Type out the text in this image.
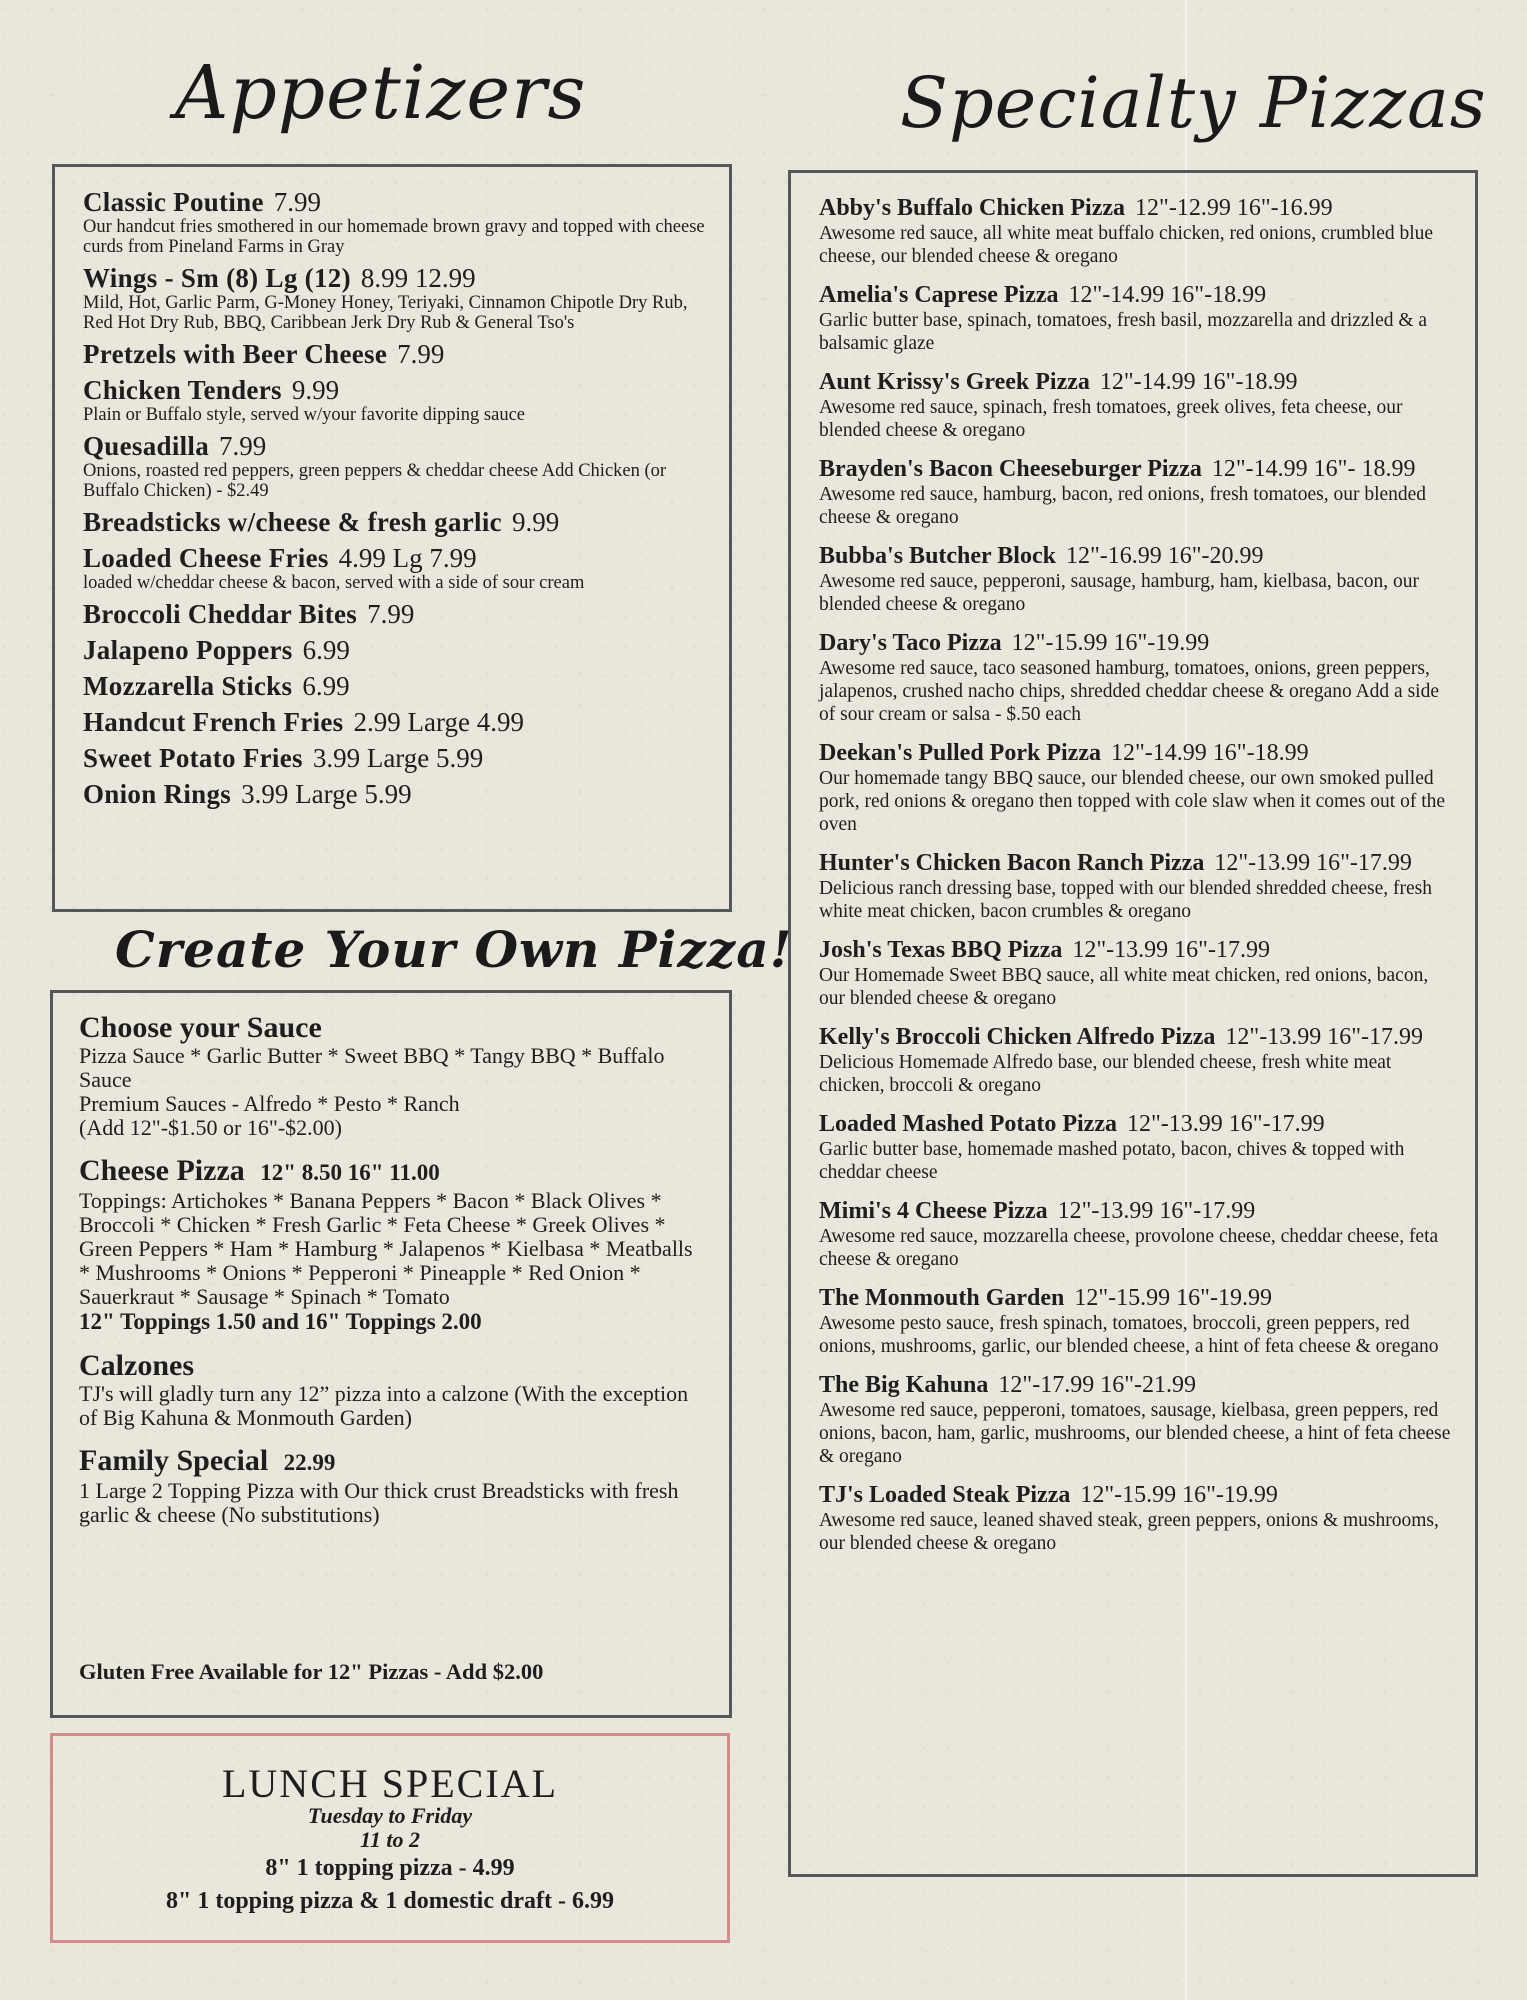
Appetizers	Specialty Pizzas
Create Your Own Pizza!
Classic Poutine 7.99
Our handcut fries smothered in our homemade brown gravy and topped with cheese curds from Pineland Farms in Gray
Wings - Sm (8) Lg (12) 8.99 12.99
Mild, Hot, Garlic Parm, G-Money Honey, Teriyaki, Cinnamon Chipotle Dry Rub, Red Hot Dry Rub, BBQ, Caribbean Jerk Dry Rub & General Tso's
Pretzels with Beer Cheese 7.99
Chicken Tenders 9.99
Plain or Buffalo style, served w/your favorite dipping sauce
Quesadilla 7.99
Onions, roasted red peppers, green peppers & cheddar cheese Add Chicken (or Buffalo Chicken) - $2.49
Breadsticks w/cheese & fresh garlic 9.99
Loaded Cheese Fries 4.99 Lg 7.99
loaded w/cheddar cheese & bacon, served with a side of sour cream
Broccoli Cheddar Bites 7.99
Jalapeno Poppers 6.99
Mozzarella Sticks 6.99
Handcut French Fries 2.99 Large 4.99
Sweet Potato Fries 3.99 Large 5.99
Onion Rings 3.99 Large 5.99
Choose your Sauce
Pizza Sauce * Garlic Butter * Sweet BBQ * Tangy BBQ * Buffalo Sauce
Premium Sauces - Alfredo * Pesto * Ranch
(Add 12"-$1.50 or 16"-$2.00)
Cheese Pizza 12" 8.50 16" 11.00
Toppings: Artichokes * Banana Peppers * Bacon * Black Olives * Broccoli * Chicken * Fresh Garlic * Feta Cheese * Greek Olives * Green Peppers * Ham * Hamburg * Jalapenos * Kielbasa * Meatballs * Mushrooms * Onions * Pepperoni * Pineapple * Red Onion * Sauerkraut * Sausage * Spinach * Tomato
12" Toppings 1.50 and 16" Toppings 2.00
Calzones
TJ's will gladly turn any 12” pizza into a calzone (With the exception of Big Kahuna & Monmouth Garden)
Family Special 22.99
1 Large 2 Topping Pizza with Our thick crust Breadsticks with fresh garlic & cheese (No substitutions)
Gluten Free Available for 12" Pizzas - Add $2.00
LUNCH SPECIAL
Tuesday to Friday
11 to 2
8" 1 topping pizza - 4.99
8" 1 topping pizza & 1 domestic draft - 6.99
Abby's Buffalo Chicken Pizza 12"-12.99 16"-16.99
Awesome red sauce, all white meat buffalo chicken, red onions, crumbled blue cheese, our blended cheese & oregano
Amelia's Caprese Pizza 12"-14.99 16"-18.99
Garlic butter base, spinach, tomatoes, fresh basil, mozzarella and drizzled & a balsamic glaze
Aunt Krissy's Greek Pizza 12"-14.99 16"-18.99
Awesome red sauce, spinach, fresh tomatoes, greek olives, feta cheese, our blended cheese & oregano
Brayden's Bacon Cheeseburger Pizza 12"-14.99 16"- 18.99
Awesome red sauce, hamburg, bacon, red onions, fresh tomatoes, our blended cheese & oregano
Bubba's Butcher Block 12"-16.99 16"-20.99
Awesome red sauce, pepperoni, sausage, hamburg, ham, kielbasa, bacon, our blended cheese & oregano
Dary's Taco Pizza 12"-15.99 16"-19.99
Awesome red sauce, taco seasoned hamburg, tomatoes, onions, green peppers, jalapenos, crushed nacho chips, shredded cheddar cheese & oregano Add a side of sour cream or salsa - $.50 each
Deekan's Pulled Pork Pizza 12"-14.99 16"-18.99
Our homemade tangy BBQ sauce, our blended cheese, our own smoked pulled pork, red onions & oregano then topped with cole slaw when it comes out of the oven
Hunter's Chicken Bacon Ranch Pizza 12"-13.99 16"-17.99
Delicious ranch dressing base, topped with our blended shredded cheese, fresh white meat chicken, bacon crumbles & oregano
Josh's Texas BBQ Pizza 12"-13.99 16"-17.99
Our Homemade Sweet BBQ sauce, all white meat chicken, red onions, bacon, our blended cheese & oregano
Kelly's Broccoli Chicken Alfredo Pizza 12"-13.99 16"-17.99
Delicious Homemade Alfredo base, our blended cheese, fresh white meat chicken, broccoli & oregano
Loaded Mashed Potato Pizza 12"-13.99 16"-17.99
Garlic butter base, homemade mashed potato, bacon, chives & topped with cheddar cheese
Mimi's 4 Cheese Pizza 12"-13.99 16"-17.99
Awesome red sauce, mozzarella cheese, provolone cheese, cheddar cheese, feta cheese & oregano
The Monmouth Garden 12"-15.99 16"-19.99
Awesome pesto sauce, fresh spinach, tomatoes, broccoli, green peppers, red onions, mushrooms, garlic, our blended cheese, a hint of feta cheese & oregano
The Big Kahuna 12"-17.99 16"-21.99
Awesome red sauce, pepperoni, tomatoes, sausage, kielbasa, green peppers, red onions, bacon, ham, garlic, mushrooms, our blended cheese, a hint of feta cheese & oregano
TJ's Loaded Steak Pizza 12"-15.99 16"-19.99
Awesome red sauce, leaned shaved steak, green peppers, onions & mushrooms, our blended cheese & oregano
